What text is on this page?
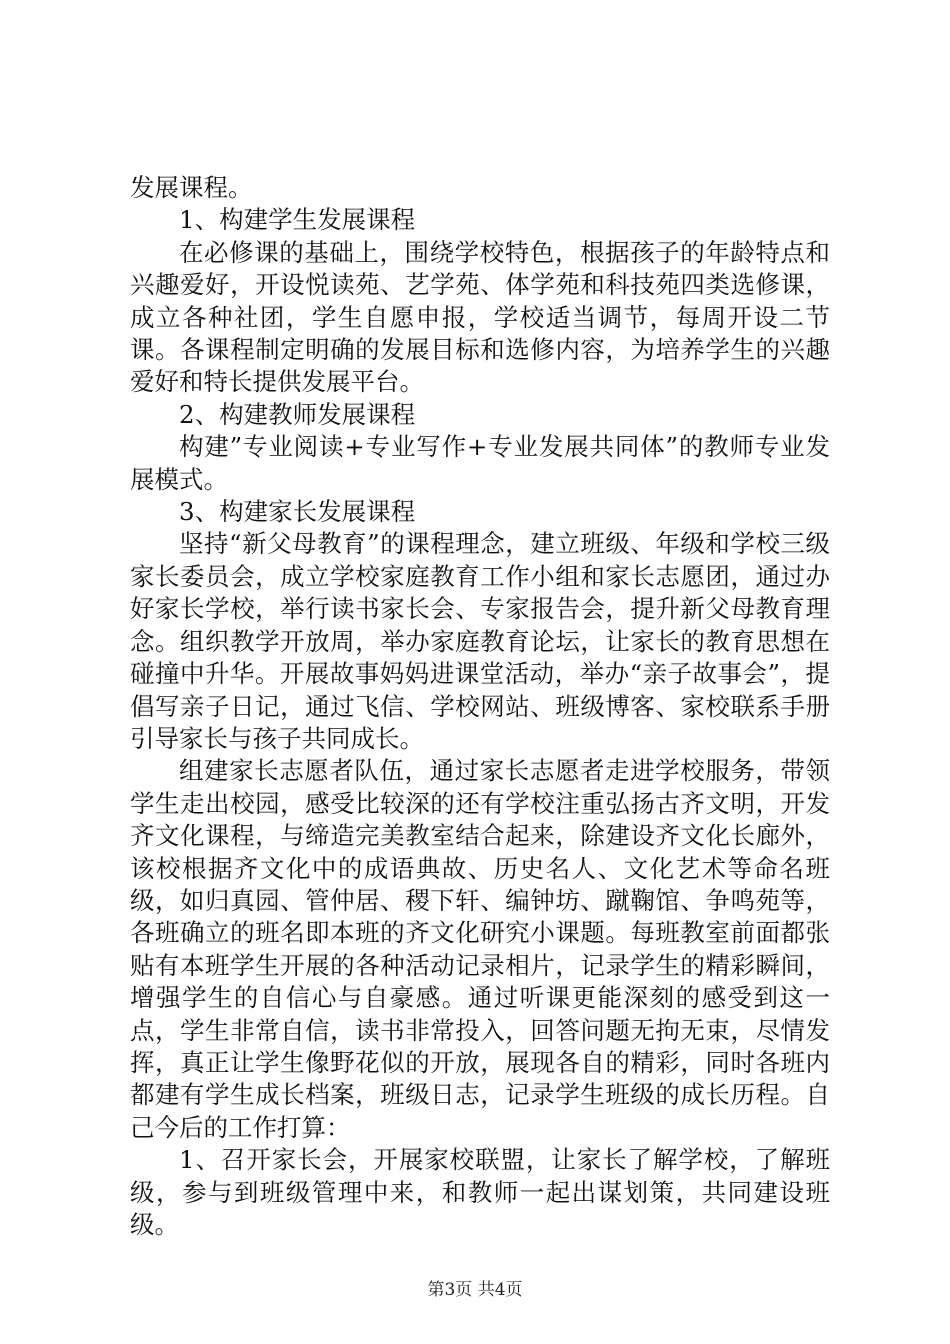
发展课程。

1、构建学生发展课程

在必修课的基础上，围绕学校特色，根据孩子的年龄特点和兴趣爱好，开设悦读苑、艺学苑、体学苑和科技苑四类选修课，成立各种社团，学生自愿申报，学校适当调节，每周开设二节课。各课程制定明确的发展目标和选修内容，为培养学生的兴趣爱好和特长提供发展平台。

2、构建教师发展课程

构建”专业阅读+专业写作+专业发展共同体”的教师专业发展模式。

3、构建家长发展课程

坚持“新父母教育”的课程理念，建立班级、年级和学校三级家长委员会，成立学校家庭教育工作小组和家长志愿团，通过办好家长学校，举行读书家长会、专家报告会，提升新父母教育理念。组织教学开放周，举办家庭教育论坛，让家长的教育思想在碰撞中升华。开展故事妈妈进课堂活动，举办“亲子故事会”，提倡写亲子日记，通过飞信、学校网站、班级博客、家校联系手册引导家长与孩子共同成长。

组建家长志愿者队伍，通过家长志愿者走进学校服务，带领学生走出校园，感受比较深的还有学校注重弘扬古齐文明，开发齐文化课程，与缔造完美教室结合起来，除建设齐文化长廊外，该校根据齐文化中的成语典故、历史名人、文化艺术等命名班级，如归真园、管仲居、稷下轩、编钟坊、蹴鞠馆、争鸣苑等，各班确立的班名即本班的齐文化研究小课题。每班教室前面都张贴有本班学生开展的各种活动记录相片，记录学生的精彩瞬间，增强学生的自信心与自豪感。通过听课更能深刻的感受到这一点，学生非常自信，读书非常投入，回答问题无拘无束，尽情发挥，真正让学生像野花似的开放，展现各自的精彩，同时各班内都建有学生成长档案，班级日志，记录学生班级的成长历程。自己今后的工作打算：

1、召开家长会，开展家校联盟，让家长了解学校，了解班级，参与到班级管理中来，和教师一起出谋划策，共同建设班级。

第3页 共4页
